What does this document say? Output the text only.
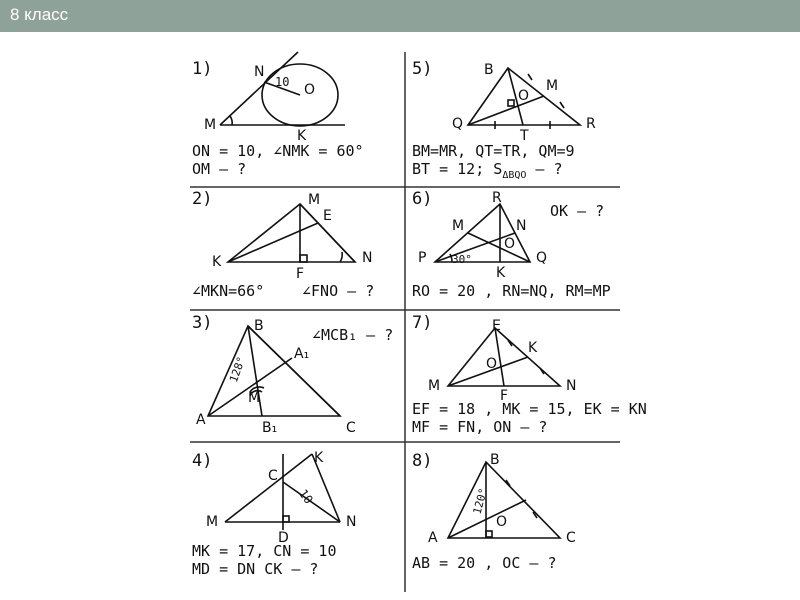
8 класс
1)
M
N
O
K
10
ON = 10, ∠NMK = 60°
OM – ?
5)	B
M
O
Q
T
R
BM=MR, QT=TR, QM=9
BT = 12; $S_{\Delta BQO}$ – ?
2)	M
E
K
F
N
∠MKN=66°	∠FNO – ?
6)	R
M	N
O
P	Q
K
30°
OK – ?
RO = 20 , RN=NQ, RM=MP
3)	B
A₁
M
A	B₁	C
128°
∠MCB₁ – ?
7)	E
K
O
M
F
N
EF = 18 , MK = 15, EK = KN
MF = FN, ON – ?
4)
C
K
M
D
N
10
MK = 17, CN = 10
MD = DN CK – ?
8)	B
O
A	C
120°
AB = 20 , OC – ?
